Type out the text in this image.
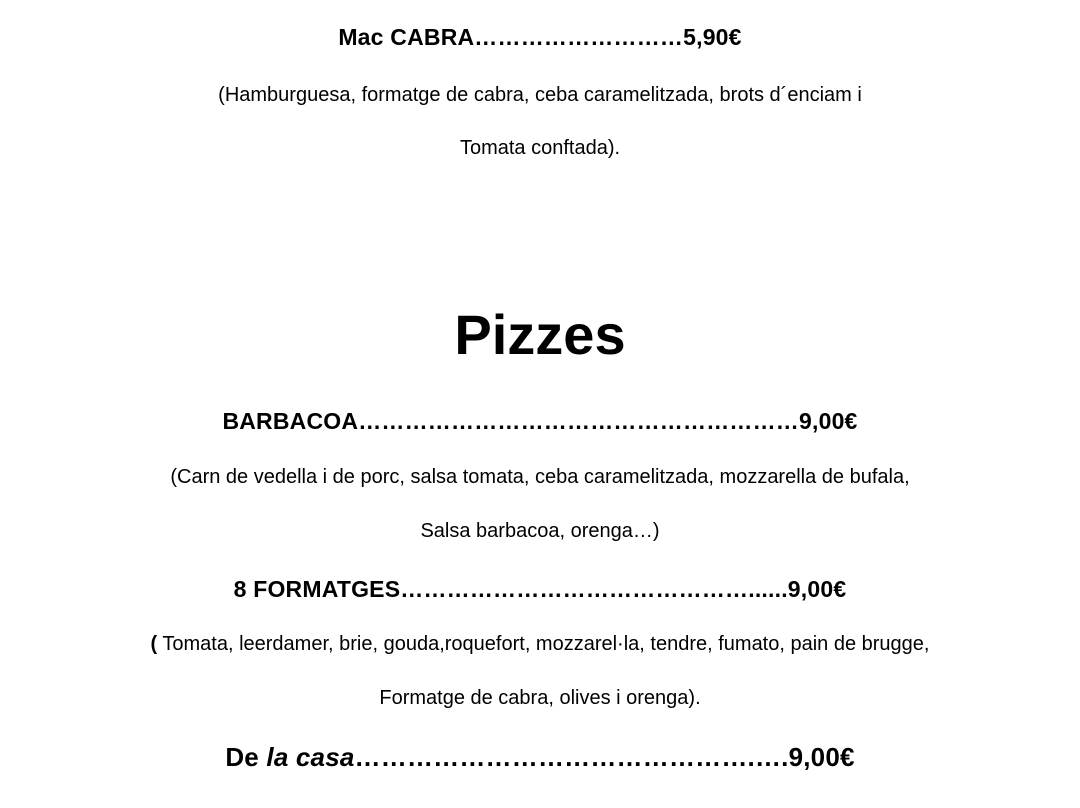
Mac CABRA………………………5,90€
(Hamburguesa, formatge de cabra, ceba caramelitzada, brots d´enciam i
Tomata conftada).
Pizzes
BARBACOA…………………………………………………9,00€
(Carn de vedella i de porc, salsa tomata, ceba caramelitzada, mozzarella de bufala,
Salsa barbacoa, orenga…)
8 FORMATGES………………………………………......9,00€
( Tomata, leerdamer, brie, gouda,roquefort, mozzarel·la, tendre, fumato, pain de brugge,
Formatge de cabra, olives i orenga).
De la casa……………………………………….….9,00€
